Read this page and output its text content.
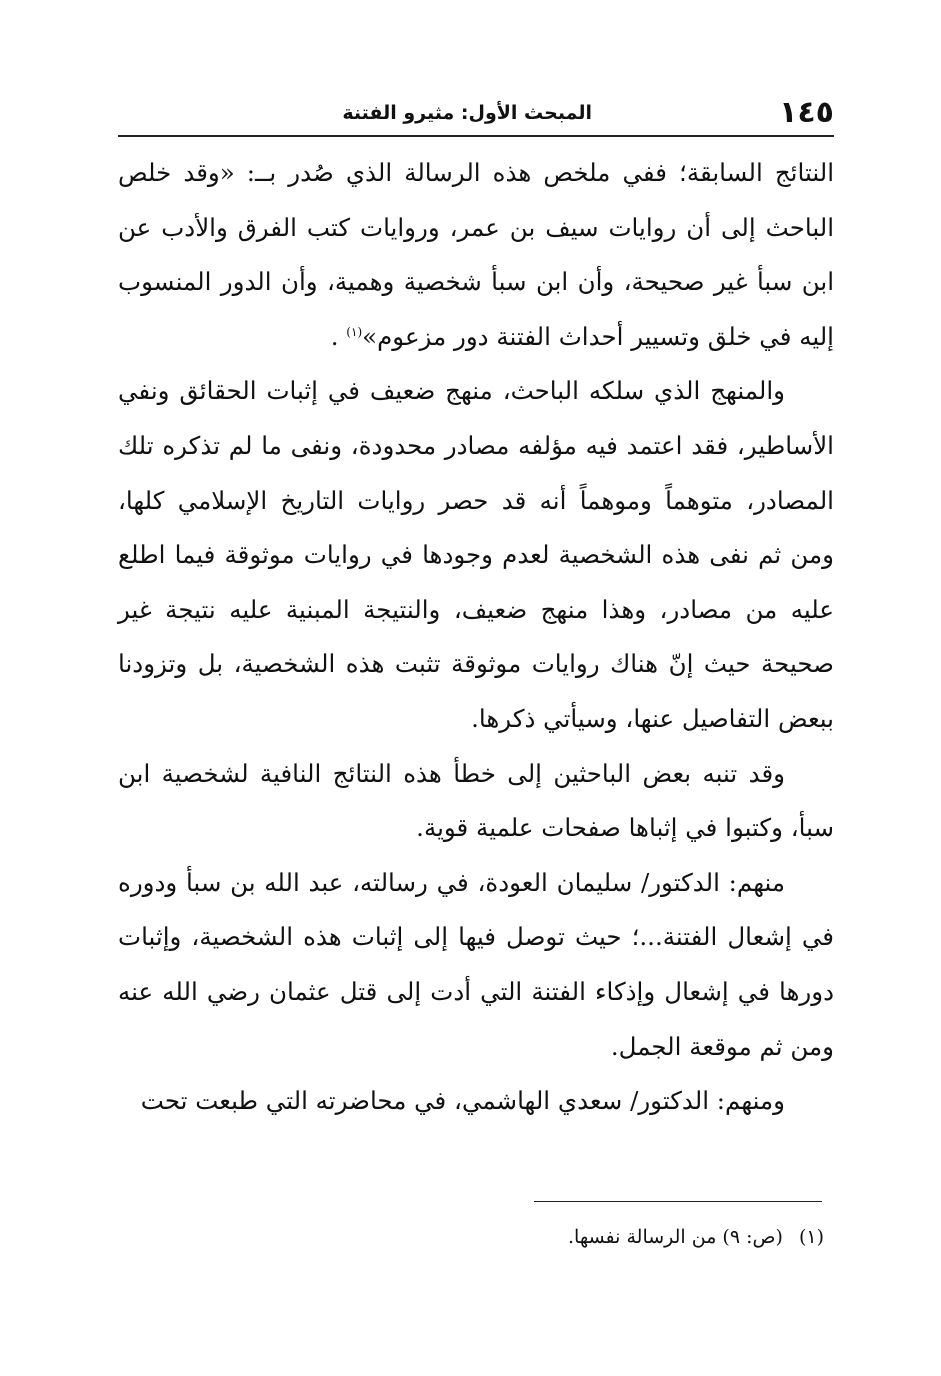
١٤٥
المبحث الأول: مثيرو الفتنة

النتائج السابقة؛ ففي ملخص هذه الرسالة الذي صُدر بــ: «وقد خلص الباحث إلى أن روايات سيف بن عمر، وروايات كتب الفرق والأدب عن ابن سبأ غير صحيحة، وأن ابن سبأ شخصية وهمية، وأن الدور المنسوب إليه في خلق وتسيير أحداث الفتنة دور مزعوم»$^{(١)}$ .

والمنهج الذي سلكه الباحث، منهج ضعيف في إثبات الحقائق ونفي الأساطير، فقد اعتمد فيه مؤلفه مصادر محدودة، ونفى ما لم تذكره تلك المصادر، متوهماً وموهماً أنه قد حصر روايات التاريخ الإسلامي كلها، ومن ثم نفى هذه الشخصية لعدم وجودها في روايات موثوقة فيما اطلع عليه من مصادر، وهذا منهج ضعيف، والنتيجة المبنية عليه نتيجة غير صحيحة حيث إنّ هناك روايات موثوقة تثبت هذه الشخصية، بل وتزودنا ببعض التفاصيل عنها، وسيأتي ذكرها.

وقد تنبه بعض الباحثين إلى خطأ هذه النتائج النافية لشخصية ابن سبأ، وكتبوا في إثباها صفحات علمية قوية.

منهم: الدكتور/ سليمان العودة، في رسالته، عبد الله بن سبأ ودوره في إشعال الفتنة...؛ حيث توصل فيها إلى إثبات هذه الشخصية، وإثبات دورها في إشعال وإذكاء الفتنة التي أدت إلى قتل عثمان رضي الله عنه ومن ثم موقعة الجمل.

ومنهم: الدكتور/ سعدي الهاشمي، في محاضرته التي طبعت تحت

(١) (ص: ٩) من الرسالة نفسها.
